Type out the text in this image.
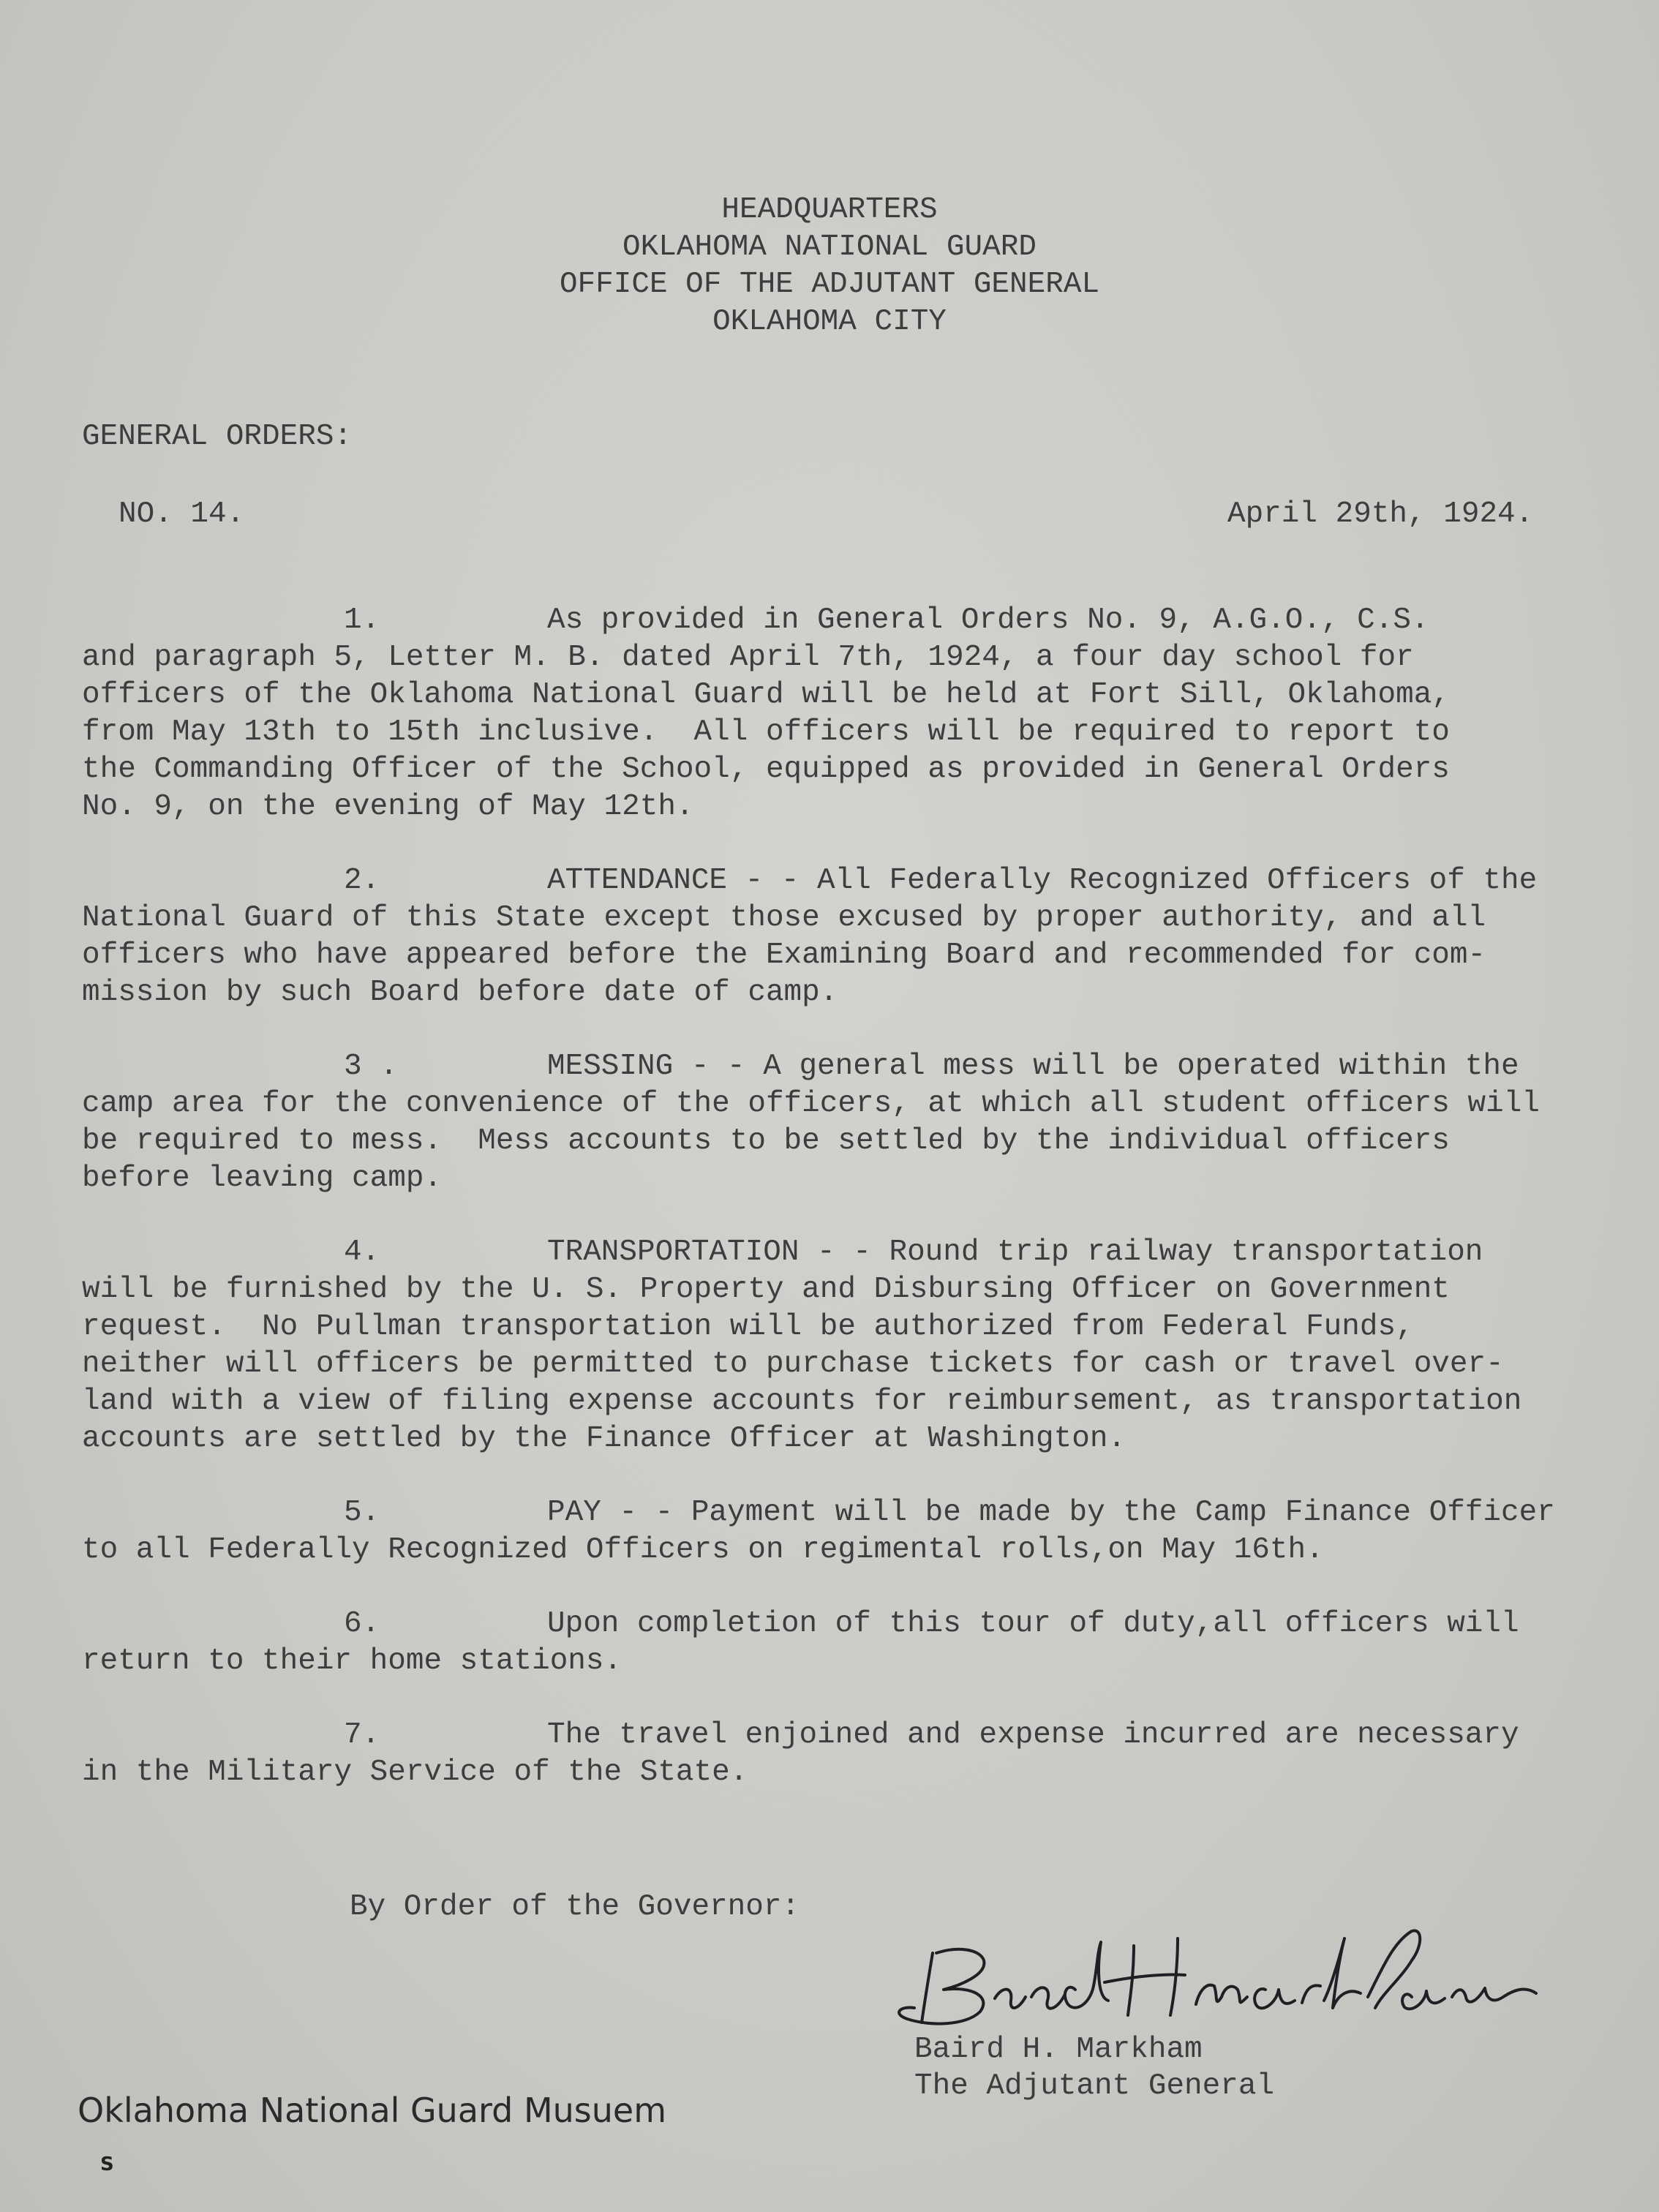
HEADQUARTERS
OKLAHOMA NATIONAL GUARD
OFFICE OF THE ADJUTANT GENERAL
OKLAHOMA CITY
GENERAL ORDERS:
NO. 14.	April 29th, 1924.
1.	As provided in General Orders No. 9, A.G.O., C.S.
and paragraph 5, Letter M. B. dated April 7th, 1924, a four day school for
officers of the Oklahoma National Guard will be held at Fort Sill, Oklahoma,
from May 13th to 15th inclusive.  All officers will be required to report to
the Commanding Officer of the School, equipped as provided in General Orders
No. 9, on the evening of May 12th.
2.	ATTENDANCE - - All Federally Recognized Officers of the
National Guard of this State except those excused by proper authority, and all
officers who have appeared before the Examining Board and recommended for com-
mission by such Board before date of camp.
3 .	MESSING - - A general mess will be operated within the
camp area for the convenience of the officers, at which all student officers will
be required to mess.  Mess accounts to be settled by the individual officers
before leaving camp.
4.	TRANSPORTATION - - Round trip railway transportation
will be furnished by the U. S. Property and Disbursing Officer on Government
request.  No Pullman transportation will be authorized from Federal Funds,
neither will officers be permitted to purchase tickets for cash or travel over-
land with a view of filing expense accounts for reimbursement, as transportation
accounts are settled by the Finance Officer at Washington.
5.	PAY - - Payment will be made by the Camp Finance Officer
to all Federally Recognized Officers on regimental rolls,on May 16th.
6.	Upon completion of this tour of duty,all officers will
return to their home stations.
7.	The travel enjoined and expense incurred are necessary
in the Military Service of the State.
By Order of the Governor:
Baird H. Markham
The Adjutant General
Oklahoma National Guard Musuem
S
